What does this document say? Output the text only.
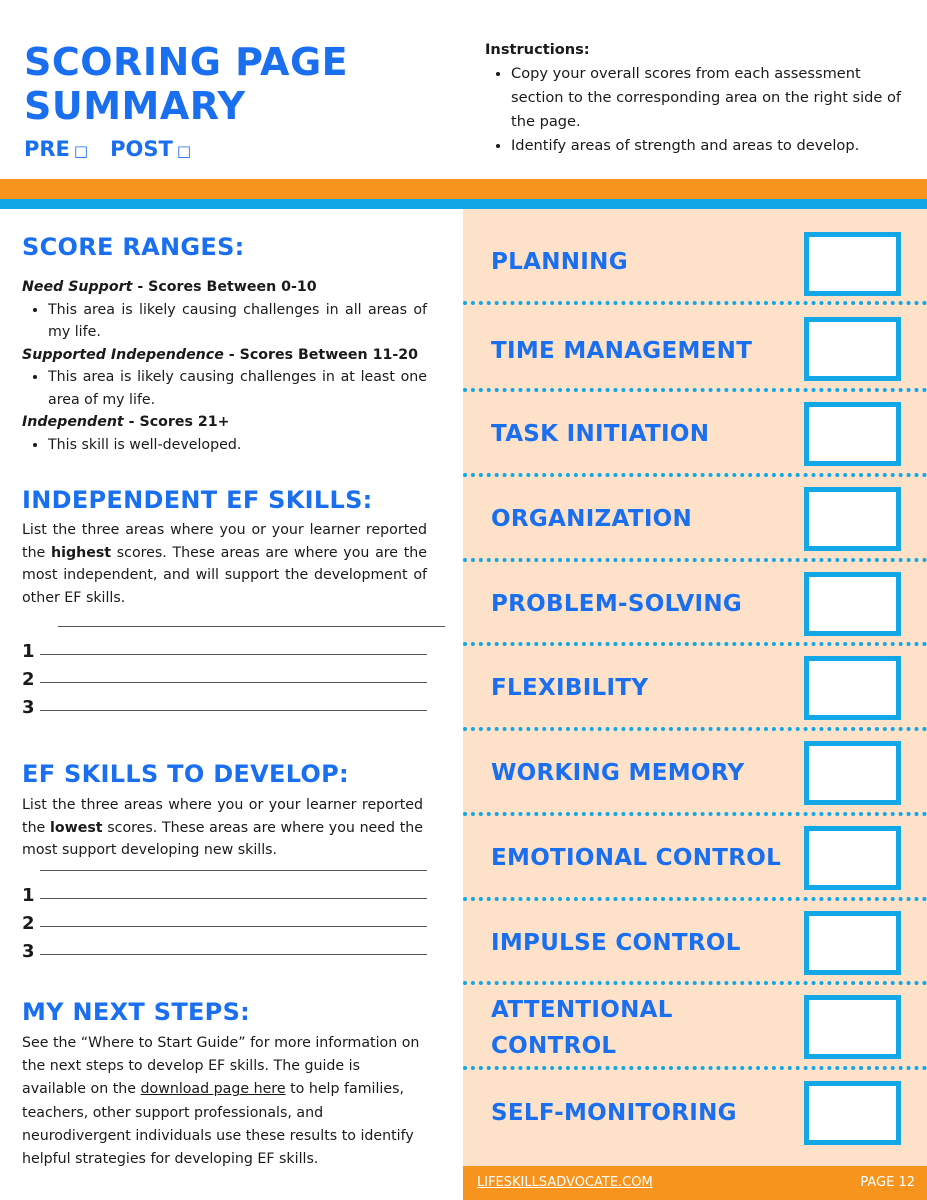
SCORING PAGE
SUMMARY
PRE □ POST □
Instructions:
• Copy your overall scores from each assessment section to the corresponding area on the right side of the page.
• Identify areas of strength and areas to develop.
SCORE RANGES:
Need Support - Scores Between 0-10
• This area is likely causing challenges in all areas of my life.
Supported Independence - Scores Between 11-20
• This area is likely causing challenges in at least one area of my life.
Independent - Scores 21+
• This skill is well-developed.
INDEPENDENT EF SKILLS:
List the three areas where you or your learner reported the highest scores. These areas are where you are the most independent, and will support the development of other EF skills.
1
2
3
EF SKILLS TO DEVELOP:
List the three areas where you or your learner reported the lowest scores. These areas are where you need the most support developing new skills.
1
2
3
MY NEXT STEPS:
See the “Where to Start Guide” for more information on the next steps to develop EF skills. The guide is available on the download page here to help families, teachers, other support professionals, and neurodivergent individuals use these results to identify helpful strategies for developing EF skills.
PLANNING
TIME MANAGEMENT
TASK INITIATION
ORGANIZATION
PROBLEM-SOLVING
FLEXIBILITY
WORKING MEMORY
EMOTIONAL CONTROL
IMPULSE CONTROL
ATTENTIONAL
CONTROL
SELF-MONITORING
LIFESKILLSADVOCATE.COM	PAGE 12
